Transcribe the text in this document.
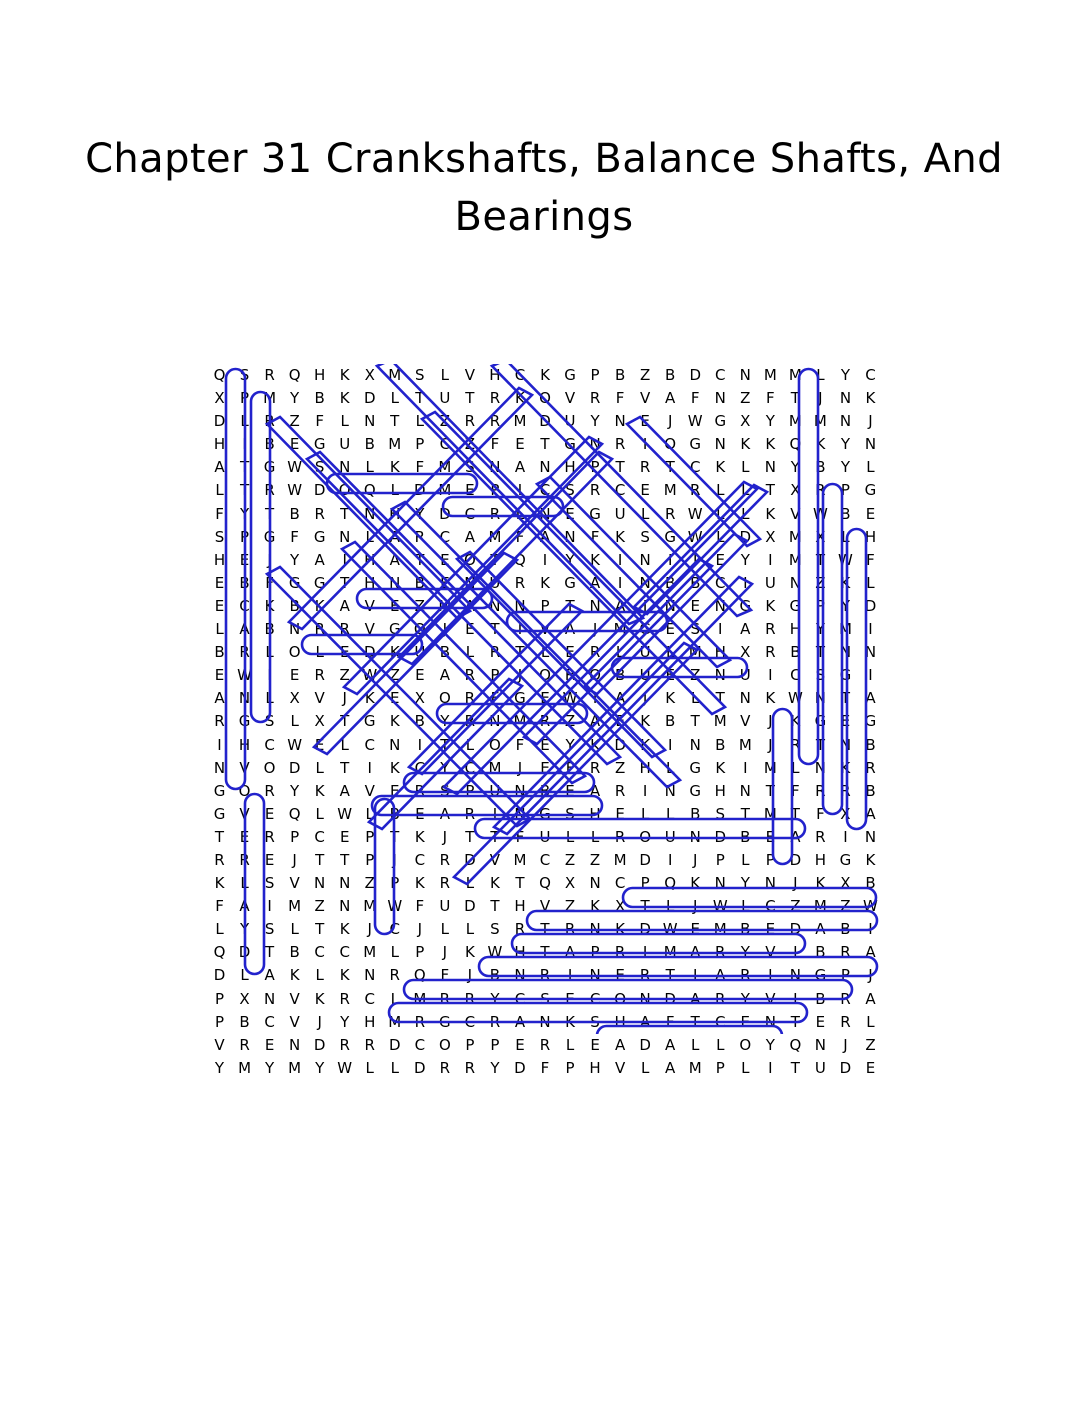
Chapter 31 Crankshafts, Balance Shafts, And Bearings
Q S	R Q H K X M S	L	V H C K G P	B Z B D C N M M L	Y	C
X	P M Y	B K D	L	T U T	R K O V R	F	V A	F	N Z	F	T	J	N K
D	L	R Z	F	L	N T	L	Z R R M D U Y N E	J	W G X	Y M M N	J
H	I	B	E G U B M P	C Z	F	E	T G N R	I	O G N K	K Q K	Y N
A	T G W S N	L	K	F M S N A N H P	T	R	T	C K	L	N Y	B	Y	L
L	T	R W D O Q L	D M E	P	I	C	S	R C	E M R	L	L	T	X R	P G
F	Y	T	B R	T N H Y D C R	L	N E G U	L	R W L	L	K V W B	E
S	P G F G N	L	A R C A M F	A N	F	K	S G W L	D X M X	L	H
H E	J	Y	A	J	H A	T	E O T Q	I	Y	K	I	N	I	I	E	Y	I	M T W F
E	B	F G G T H N B	E N U R K G A	I	N B B C	I	U N Z K	L
E	C K B K A V	E	Z M A N N P	T N A	I	N E N G K G P	Y D
L	A B N R R V G Q	J	E	T	I	V A	J	M G E	S	I	A R H Y M	I
B R	L O L	E D K U B	L	R	T	L	E	R	L	U	L M H X R B	T N N
E W	I	E	R Z W Z	E	A R	P	J	O R Q B U E	Z N U	I	C	S G	I
A N	L	X V	J	K	E	X O R	F G E W	I	A	J	K	L	T N K W N T	A
R G S	L	X	T G K B	Y	R N M R Z A	E	K B	T M V	J	K G E G
I	H C W E	L	C N	I	T	L O F	E	Y	K D K	I	N B M	J	R	T N B
N V O D	L	T	I	K C	Y	C M	J	E	F	R Z H	L	G K	I	M L	N K R
G O R	Y	K A V	E	R	S	P	U N B	E	A R	I	N G H N T	F	R R B
G V	E Q L W L	B	E	A R	I	N G S H E	L	L	B	S	T M T	F	X A
T	E	R	P	C	E	P	T	K	J	T	T	F	U	L	L	R O U N D B	E	A R	I	N
R R	E	J	T	T	P	J	C R D V M C Z Z M D	I	J	P	L	P D H G K
K	L	S	V N N Z	P	K R	L	K	T Q X N C	P Q K N Y N	J	K X B
F	A	I	M Z N M W F	U D T H V Z K X	T	L	J	W L	C Z M Z W
L	Y	S	L	T	K	J	C	J	L	L	S	R	T	R N K D W E M B	E D A B	I
Q D T	B C C M L	P	J	K W H T	A	P	R	I	M A R	Y	V	I	B R A
D	L	A K	L	K N R Q F	J	B N R	I	N E	R	T	I	A R	I	N G P	J
P	X N V K R C	L M R R	Y	C	S	E	C O N D A R	Y	V	I	B R A
P	B C V	J	Y H M R G C R A N K	S H A	F	T	C	E N T	E	R	L
V R	E N D R R D C O P	P	E	R	L	E	A D A	L	L O Y Q N	J	Z
Y M Y M Y W L	L	D R R	Y D F	P H V	L	A M P	L	I	T U D E
